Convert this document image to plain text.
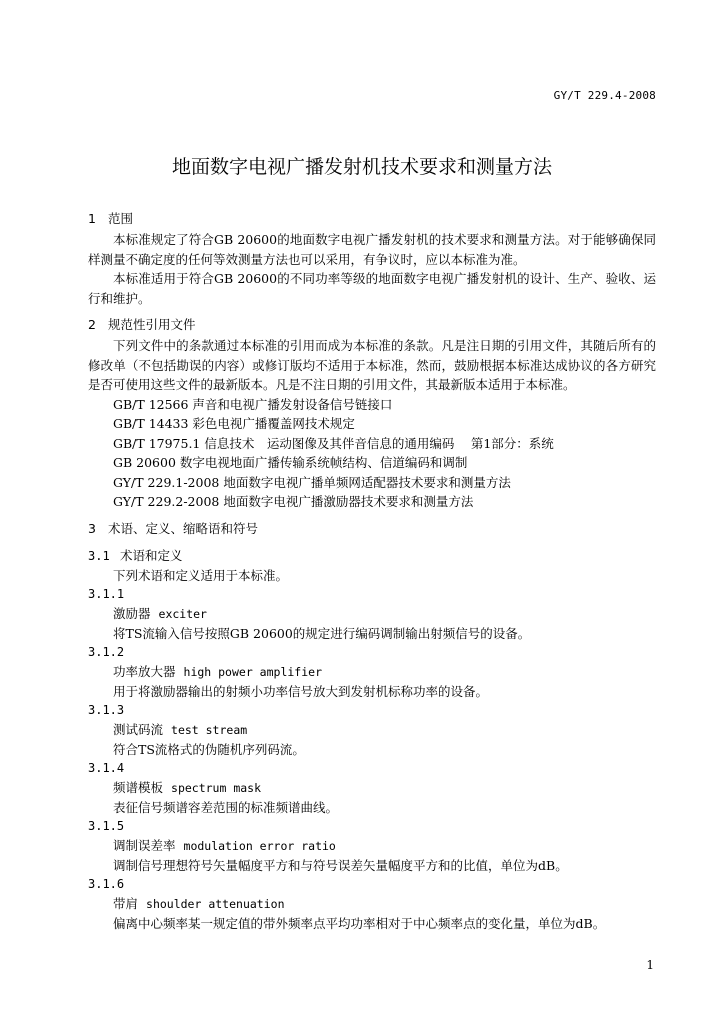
GY/T 229.4-2008
地面数字电视广播发射机技术要求和测量方法

1 范围

本标准规定了符合GB 20600的地面数字电视广播发射机的技术要求和测量方法。对于能够确保同样测量不确定度的任何等效测量方法也可以采用，有争议时，应以本标准为准。

本标准适用于符合GB 20600的不同功率等级的地面数字电视广播发射机的设计、生产、验收、运行和维护。

2 规范性引用文件

下列文件中的条款通过本标准的引用而成为本标准的条款。凡是注日期的引用文件，其随后所有的修改单（不包括勘误的内容）或修订版均不适用于本标准，然而，鼓励根据本标准达成协议的各方研究是否可使用这些文件的最新版本。凡是不注日期的引用文件，其最新版本适用于本标准。

GB/T 12566 声音和电视广播发射设备信号链接口

GB/T 14433 彩色电视广播覆盖网技术规定

GB/T 17975.1 信息技术　运动图像及其伴音信息的通用编码　 第1部分：系统

GB 20600 数字电视地面广播传输系统帧结构、信道编码和调制

GY/T 229.1-2008 地面数字电视广播单频网适配器技术要求和测量方法

GY/T 229.2-2008 地面数字电视广播激励器技术要求和测量方法

3 术语、定义、缩略语和符号

3.1 术语和定义

下列术语和定义适用于本标准。

3.1.1

激励器 exciter

将TS流输入信号按照GB 20600的规定进行编码调制输出射频信号的设备。

3.1.2

功率放大器 high power amplifier

用于将激励器输出的射频小功率信号放大到发射机标称功率的设备。

3.1.3

测试码流 test stream

符合TS流格式的伪随机序列码流。

3.1.4

频谱模板 spectrum mask

表征信号频谱容差范围的标准频谱曲线。

3.1.5

调制误差率 modulation error ratio

调制信号理想符号矢量幅度平方和与符号误差矢量幅度平方和的比值，单位为dB。

3.1.6

带肩 shoulder attenuation

偏离中心频率某一规定值的带外频率点平均功率相对于中心频率点的变化量，单位为dB。

1
